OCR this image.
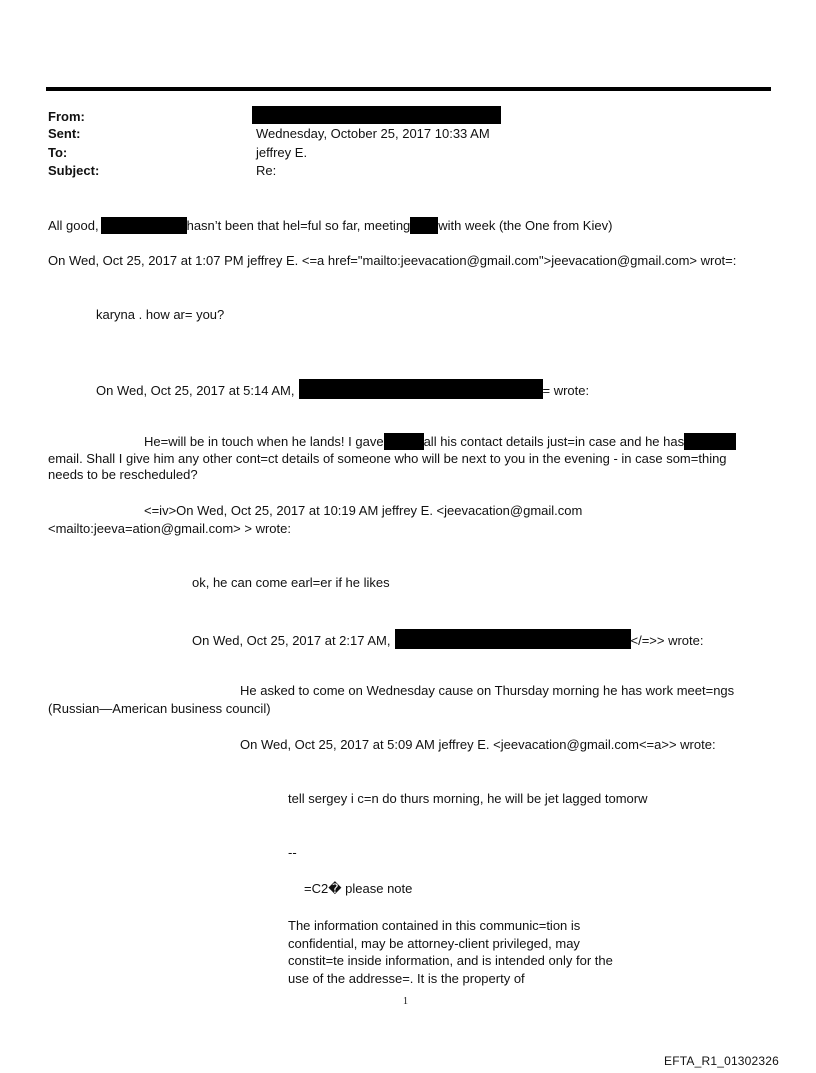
From:
Sent:	Wednesday, October 25, 2017 10:33 AM
To:	jeffrey E.
Subject:	Re:
All good,	hasn’t been that hel=ful so far, meeting with week (the One from Kiev)
On Wed, Oct 25, 2017 at 1:07 PM jeffrey E. <=a href="mailto:jeevacation@gmail.com">jeevacation@gmail.com> wrot=:
karyna . how ar= you?
On Wed, Oct 25, 2017 at 5:14 AM,	= wrote:
He=will be in touch when he lands! I gave	all his contact details just=in case and he has
email. Shall I give him any other cont=ct details of someone who will be next to you in the evening - in case som=thing needs to be rescheduled?
<=iv>On Wed, Oct 25, 2017 at 10:19 AM jeffrey E. <jeevacation@gmail.com
<mailto:jeeva=ation@gmail.com> > wrote:
ok, he can come earl=er if he likes
On Wed, Oct 25, 2017 at 2:17 AM,	</=>> wrote:
He asked to come on Wednesday cause on Thursday morning he has work meet=ngs
(Russian—American business council)
On Wed, Oct 25, 2017 at 5:09 AM jeffrey E. <jeevacation@gmail.com<=a>> wrote:
tell sergey i c=n do thurs morning, he will be jet lagged tomorw
--
=C2� please note
The information contained in this communic=tion is confidential, may be attorney-client privileged, may constit=te inside information, and is intended only for the use of the addresse=. It is the property of
1
EFTA_R1_01302326
